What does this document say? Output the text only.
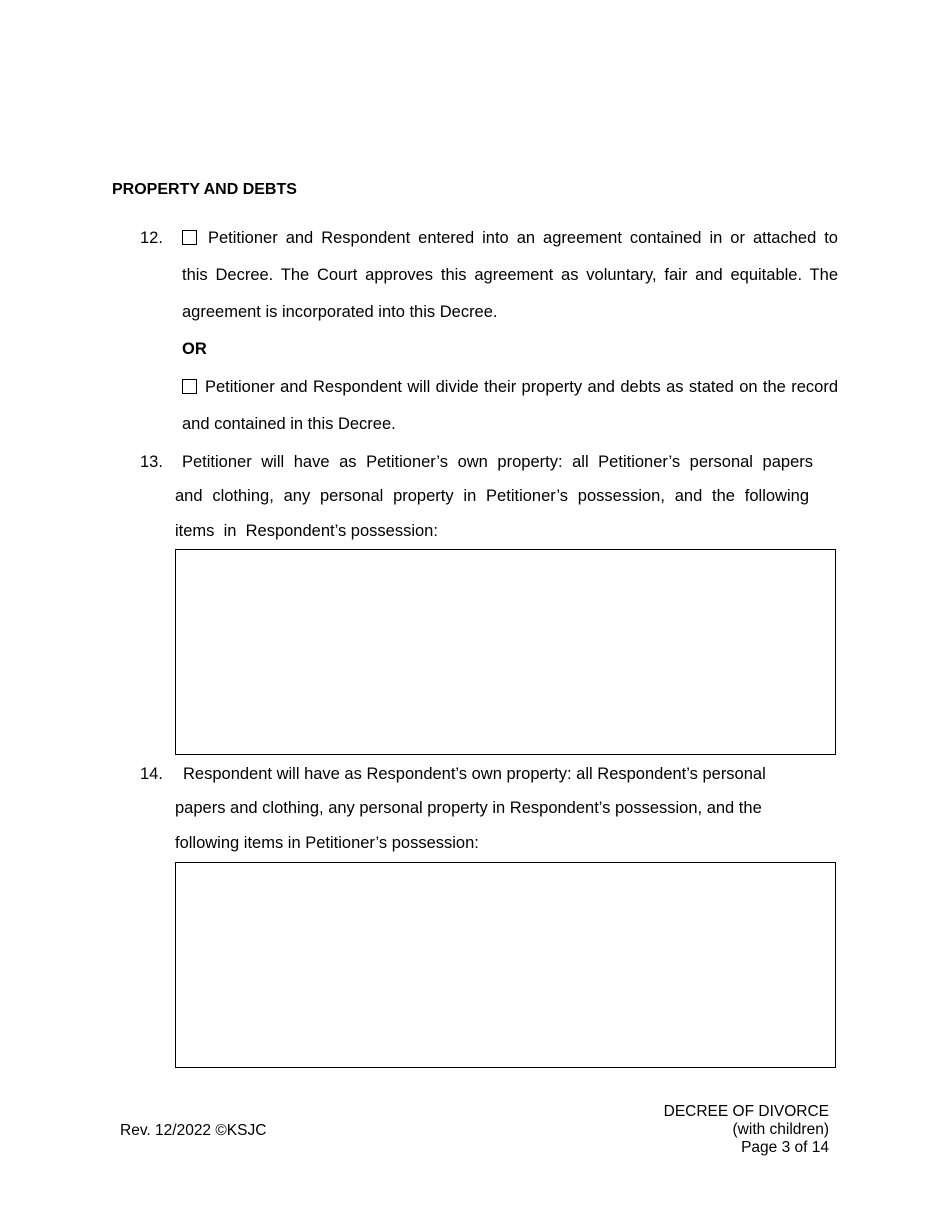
PROPERTY AND DEBTS
12.	Petitioner and Respondent entered into an agreement contained in or attached to
this Decree. The Court approves this agreement as voluntary, fair and equitable. The
agreement is incorporated into this Decree.
OR
Petitioner and Respondent will divide their property and debts as stated on the record
and contained in this Decree.
13. Petitioner will have as Petitioner’s own property: all Petitioner’s personal papers
and clothing, any personal property in Petitioner’s possession, and the following
items  in  Respondent’s possession:
14. Respondent will have as Respondent’s own property: all Respondent’s personal
papers and clothing, any personal property in Respondent’s possession, and the
following items in Petitioner’s possession:
Rev. 12/2022 ©KSJC
DECREE OF DIVORCE
(with children)
Page 3 of 14
